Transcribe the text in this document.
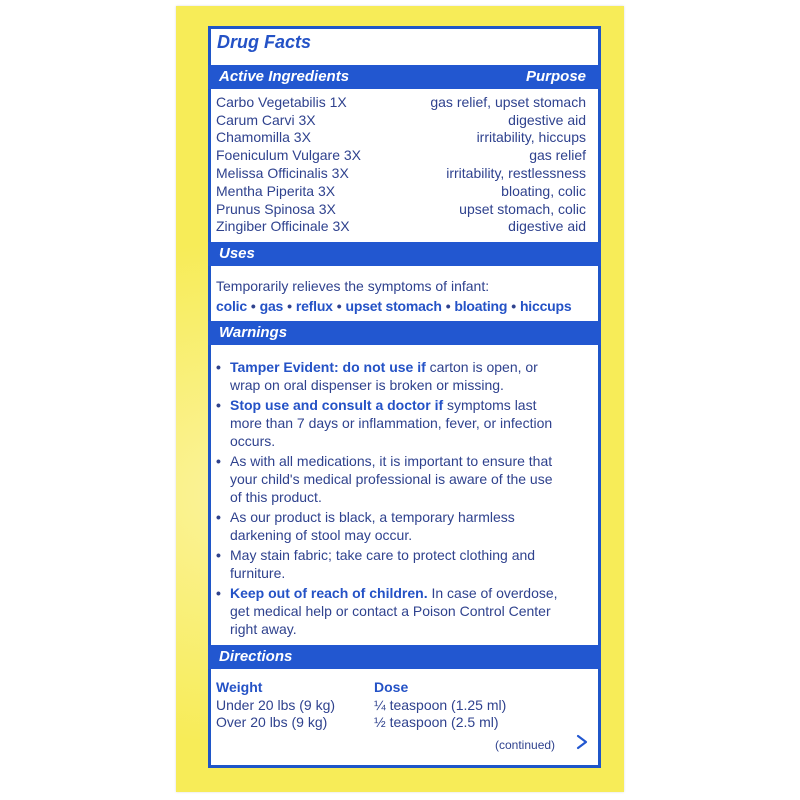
Drug Facts
Active Ingredients	Purpose
Carbo Vegetabilis 1X	gas relief, upset stomach
Carum Carvi 3X	digestive aid
Chamomilla 3X	irritability, hiccups
Foeniculum Vulgare 3X	gas relief
Melissa Officinalis 3X	irritability, restlessness
Mentha Piperita 3X	bloating, colic
Prunus Spinosa 3X	upset stomach, colic
Zingiber Officinale 3X	digestive aid
Uses
Temporarily relieves the symptoms of infant:
colic • gas • reflux • upset stomach • bloating • hiccups
Warnings
• Tamper Evident: do not use if carton is open, or
wrap on oral dispenser is broken or missing.
• Stop use and consult a doctor if symptoms last
more than 7 days or inflammation, fever, or infection
occurs.
• As with all medications, it is important to ensure that
your child's medical professional is aware of the use
of this product.
• As our product is black, a temporary harmless
darkening of stool may occur.
• May stain fabric; take care to protect clothing and
furniture.
• Keep out of reach of children. In case of overdose,
get medical help or contact a Poison Control Center
right away.
Directions
Weight	Dose
Under 20 lbs (9 kg)	¼ teaspoon (1.25 ml)
Over 20 lbs (9 kg)	½ teaspoon (2.5 ml)
(continued)
